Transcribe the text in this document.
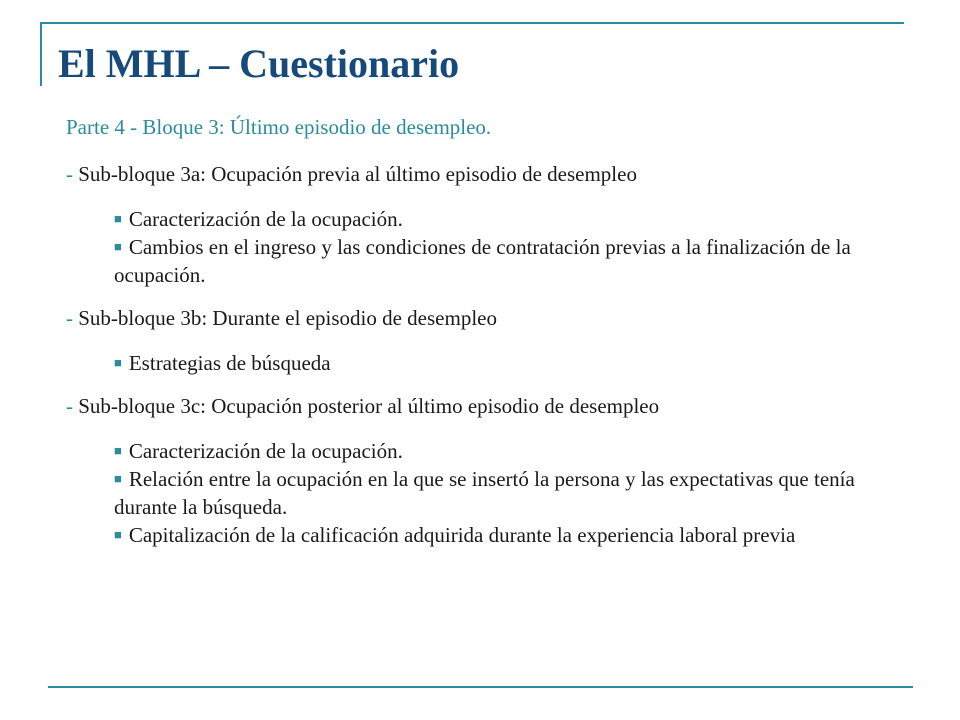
El MHL – Cuestionario

Parte 4 - Bloque 3: Último episodio de desempleo.

- Sub-bloque 3a: Ocupación previa al último episodio de desempleo

■ Caracterización de la ocupación.
■ Cambios en el ingreso y las condiciones de contratación previas a la finalización de la ocupación.

- Sub-bloque 3b: Durante el episodio de desempleo

■ Estrategias de búsqueda

- Sub-bloque 3c: Ocupación posterior al último episodio de desempleo

■ Caracterización de la ocupación.
■ Relación entre la ocupación en la que se insertó la persona y las expectativas que tenía durante la búsqueda.
■ Capitalización de la calificación adquirida durante la experiencia laboral previa
